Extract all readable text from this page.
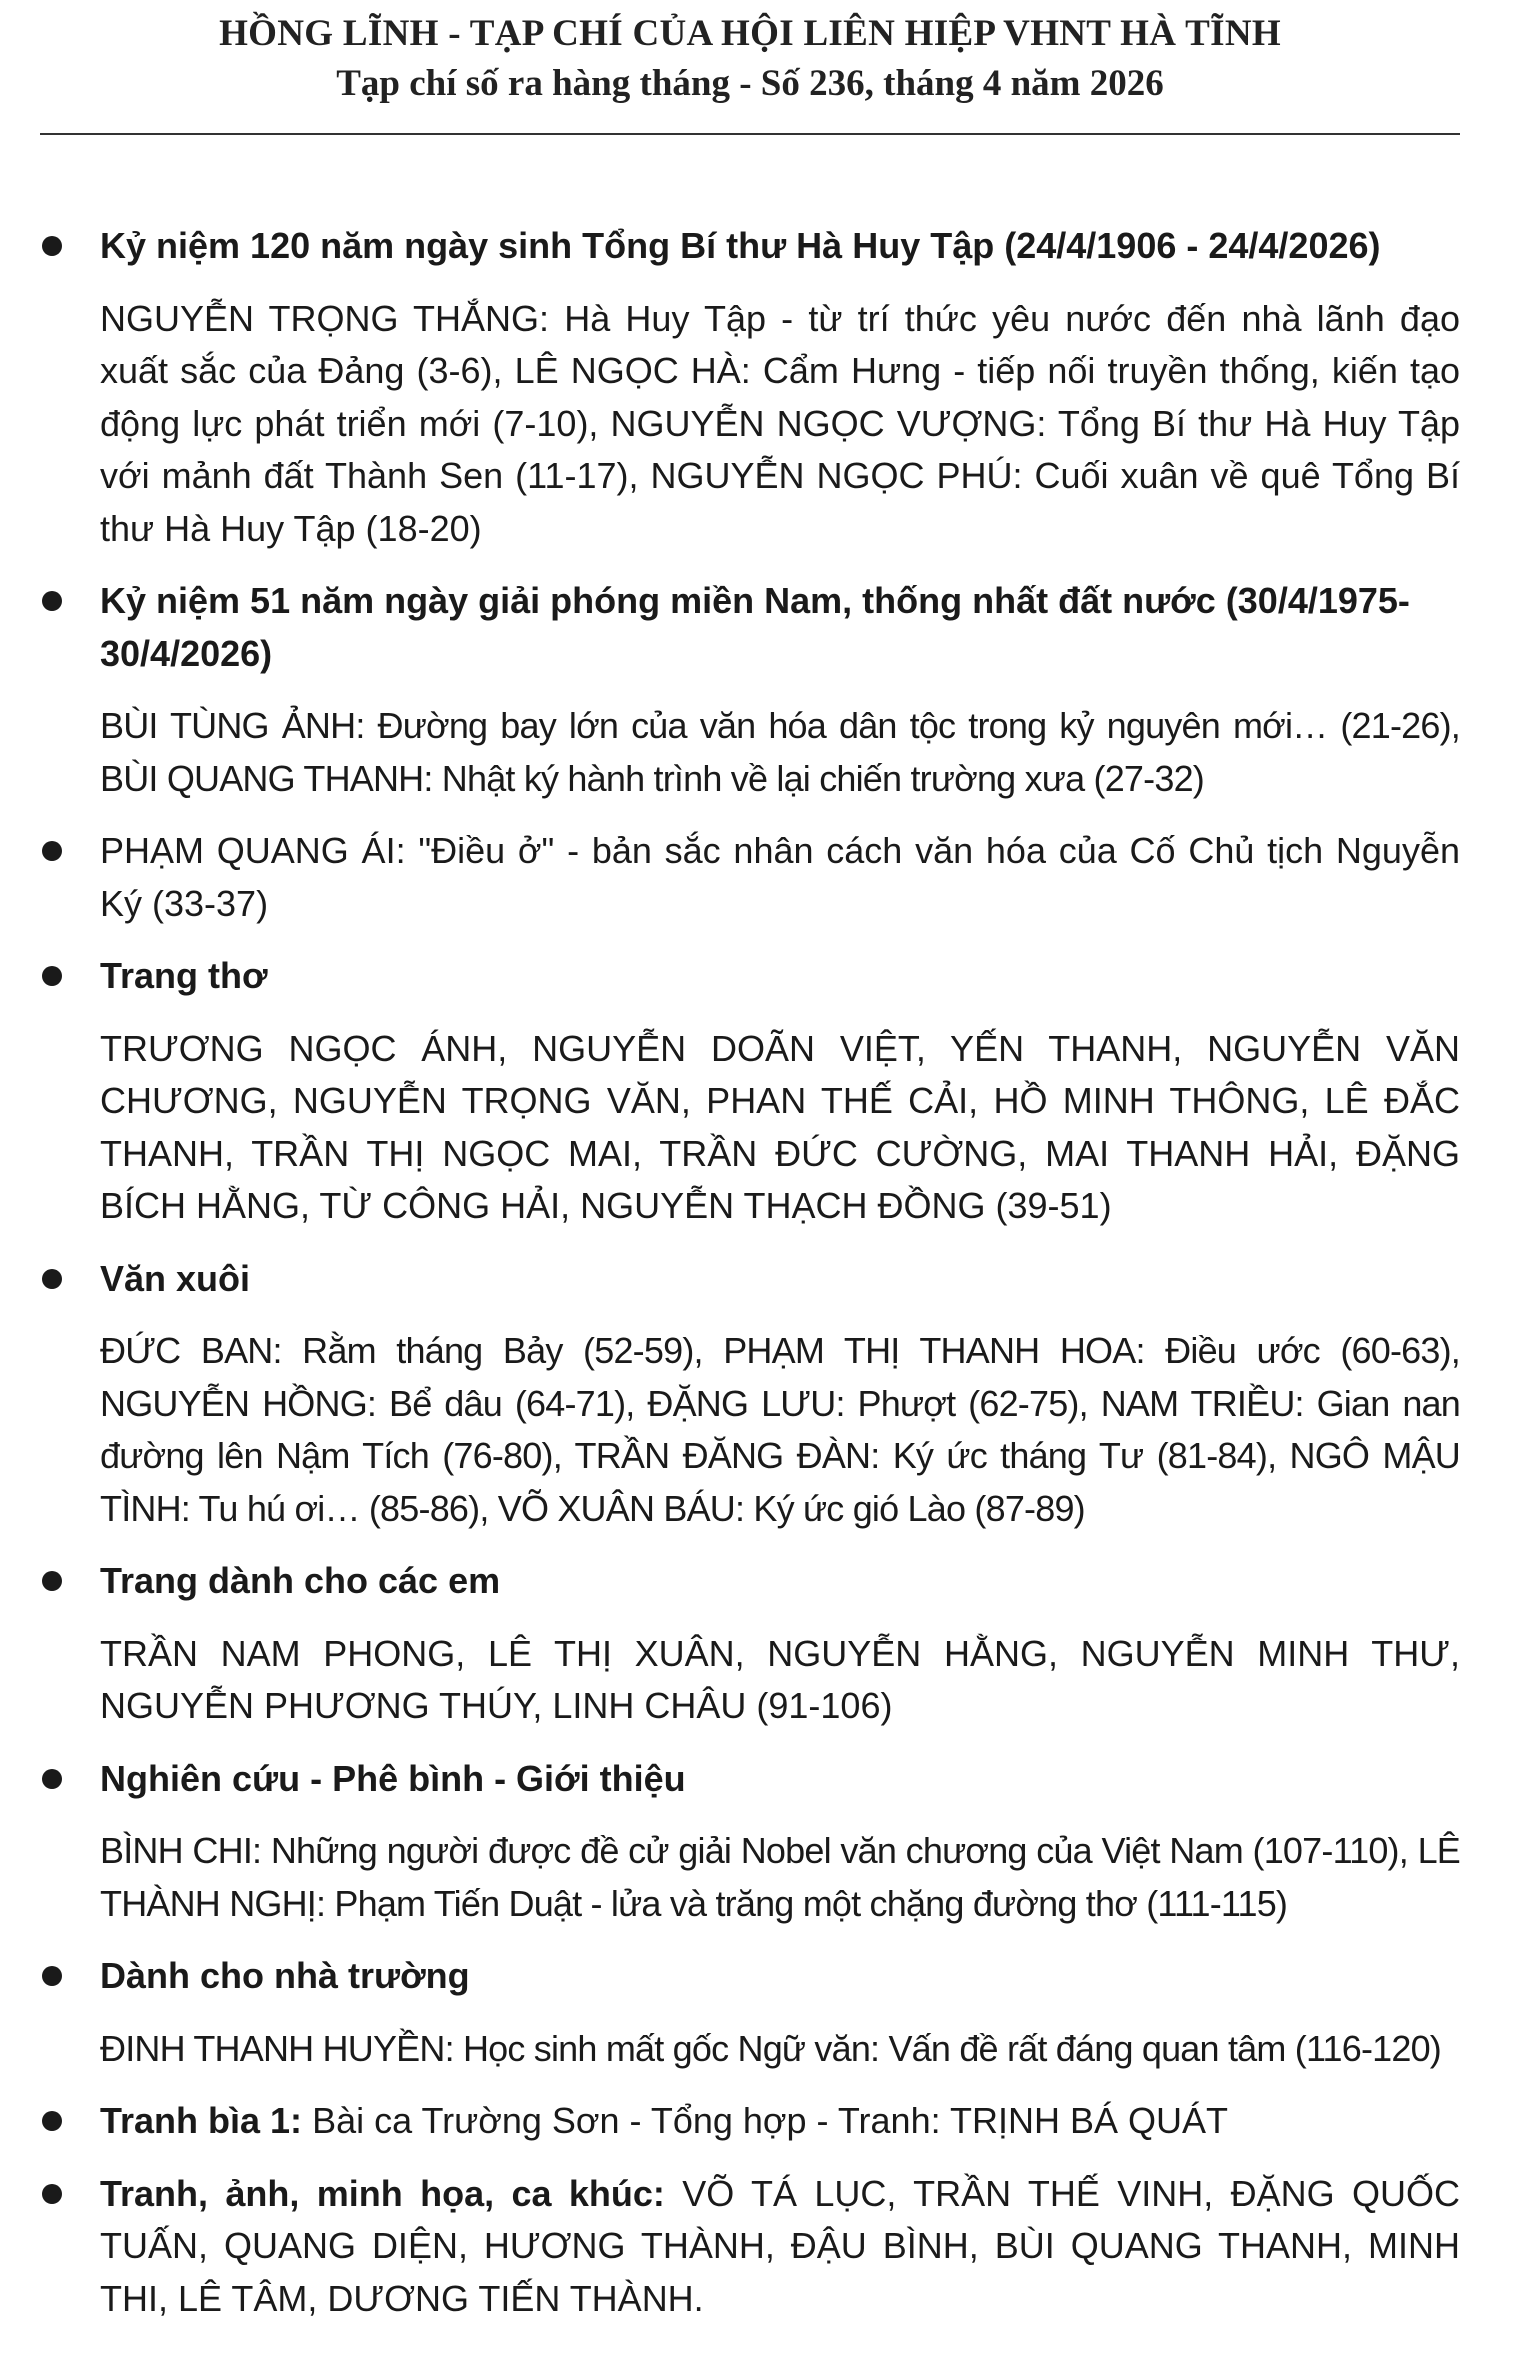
HỒNG LĨNH - TẠP CHÍ CỦA HỘI LIÊN HIỆP VHNT HÀ TĨNH
Tạp chí số ra hàng tháng - Số 236, tháng 4 năm 2026
Kỷ niệm 120 năm ngày sinh Tổng Bí thư Hà Huy Tập (24/4/1906 - 24/4/2026)
NGUYỄN TRỌNG THẮNG: Hà Huy Tập - từ trí thức yêu nước đến nhà lãnh đạo xuất sắc của Đảng (3-6), LÊ NGỌC HÀ: Cẩm Hưng - tiếp nối truyền thống, kiến tạo động lực phát triển mới (7-10), NGUYỄN NGỌC VƯỢNG: Tổng Bí thư Hà Huy Tập với mảnh đất Thành Sen (11-17), NGUYỄN NGỌC PHÚ: Cuối xuân về quê Tổng Bí thư Hà Huy Tập (18-20)
Kỷ niệm 51 năm ngày giải phóng miền Nam, thống nhất đất nước (30/4/1975-30/4/2026)
BÙI TÙNG ẢNH: Đường bay lớn của văn hóa dân tộc trong kỷ nguyên mới… (21-26), BÙI QUANG THANH: Nhật ký hành trình về lại chiến trường xưa (27-32)
PHẠM QUANG ÁI: "Điều ở" - bản sắc nhân cách văn hóa của Cố Chủ tịch Nguyễn Ký (33-37)
Trang thơ
TRƯƠNG NGỌC ÁNH, NGUYỄN DOÃN VIỆT, YẾN THANH, NGUYỄN VĂN CHƯƠNG, NGUYỄN TRỌNG VĂN, PHAN THẾ CẢI, HỒ MINH THÔNG, LÊ ĐẮC THANH, TRẦN THỊ NGỌC MAI, TRẦN ĐỨC CƯỜNG, MAI THANH HẢI, ĐẶNG BÍCH HẰNG, TỪ CÔNG HẢI, NGUYỄN THẠCH ĐỒNG (39-51)
Văn xuôi
ĐỨC BAN: Rằm tháng Bảy (52-59), PHẠM THỊ THANH HOA: Điều ước (60-63), NGUYỄN HỒNG: Bể dâu (64-71), ĐẶNG LƯU: Phượt (62-75), NAM TRIỀU: Gian nan đường lên Nậm Tích (76-80), TRẦN ĐĂNG ĐÀN: Ký ức tháng Tư (81-84), NGÔ MẬU TÌNH: Tu hú ơi… (85-86), VÕ XUÂN BÁU: Ký ức gió Lào (87-89)
Trang dành cho các em
TRẦN NAM PHONG, LÊ THỊ XUÂN, NGUYỄN HẰNG, NGUYỄN MINH THƯ, NGUYỄN PHƯƠNG THÚY, LINH CHÂU (91-106)
Nghiên cứu - Phê bình - Giới thiệu
BÌNH CHI: Những người được đề cử giải Nobel văn chương của Việt Nam (107-110), LÊ THÀNH NGHỊ: Phạm Tiến Duật - lửa và trăng một chặng đường thơ (111-115)
Dành cho nhà trường
ĐINH THANH HUYỀN: Học sinh mất gốc Ngữ văn: Vấn đề rất đáng quan tâm (116-120)
Tranh bìa 1: Bài ca Trường Sơn - Tổng hợp - Tranh: TRỊNH BÁ QUÁT
Tranh, ảnh, minh họa, ca khúc: VÕ TÁ LỤC, TRẦN THẾ VINH, ĐẶNG QUỐC TUẤN, QUANG DIỆN, HƯƠNG THÀNH, ĐẬU BÌNH, BÙI QUANG THANH, MINH THI, LÊ TÂM, DƯƠNG TIẾN THÀNH.
